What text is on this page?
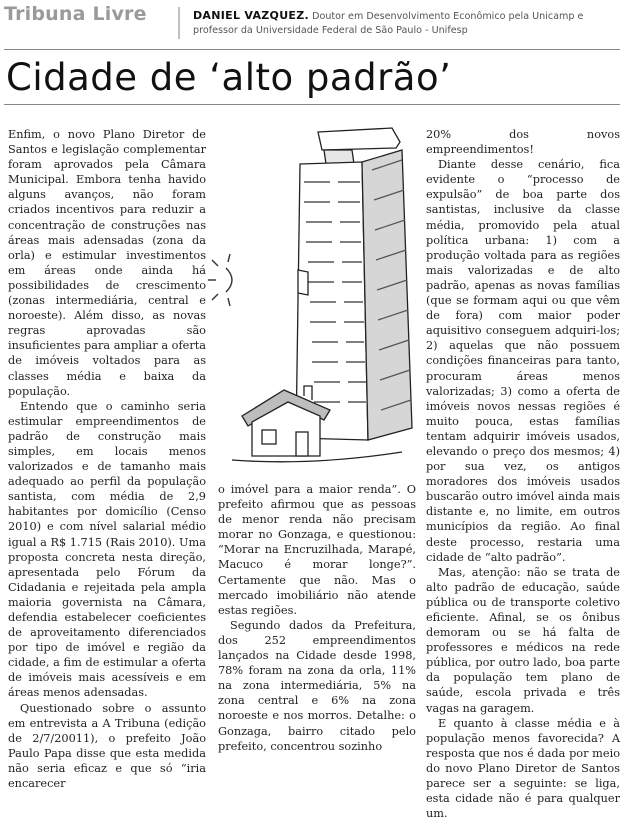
Tribuna Livre	DANIEL VAZQUEZ. Doutor em Desenvolvimento Econômico pela Unicamp e professor da Universidade Federal de São Paulo - Unifesp
Cidade de ‘alto padrão’

Enfim, o novo Plano Diretor de Santos e legislação complementar foram aprovados pela Câmara Municipal. Embora tenha havido alguns avanços, não foram criados incentivos para reduzir a concentração de construções nas áreas mais adensadas (zona da orla) e estimular investimentos em áreas onde ainda há possibilidades de crescimento (zonas intermediária, central e noroeste). Além disso, as novas regras aprovadas são insuficientes para ampliar a oferta de imóveis voltados para as classes média e baixa da população.

Entendo que o caminho seria estimular empreendimentos de padrão de construção mais simples, em locais menos valorizados e de tamanho mais adequado ao perfil da população santista, com média de 2,9 habitantes por domicílio (Censo 2010) e com nível salarial médio igual a R$ 1.715 (Rais 2010). Uma proposta concreta nesta direção, apresentada pelo Fórum da Cidadania e rejeitada pela ampla maioria governista na Câmara, defendia estabelecer coeficientes de aproveitamento diferenciados por tipo de imóvel e região da cidade, a fim de estimular a oferta de imóveis mais acessíveis e em áreas menos adensadas.

Questionado sobre o assunto em entrevista a A Tribuna (edição de 2/7/20011), o prefeito João Paulo Papa disse que esta medida não seria eficaz e que só “iria encarecer

o imóvel para a maior renda”. O prefeito afirmou que as pessoas de menor renda não precisam morar no Gonzaga, e questionou: “Morar na Encruzilhada, Marapé, Macuco é morar longe?”. Certamente que não. Mas o mercado imobiliário não atende estas regiões.

Segundo dados da Prefeitura, dos 252 empreendimentos lançados na Cidade desde 1998, 78% foram na zona da orla, 11% na zona intermediária, 5% na zona central e 6% na zona noroeste e nos morros. Detalhe: o Gonzaga, bairro citado pelo prefeito, concentrou sozinho

20% dos novos empreendimentos!

Diante desse cenário, fica evidente o “processo de expulsão” de boa parte dos santistas, inclusive da classe média, promovido pela atual política urbana: 1) com a produção voltada para as regiões mais valorizadas e de alto padrão, apenas as novas famílias (que se formam aqui ou que vêm de fora) com maior poder aquisitivo conseguem adquiri-los; 2) aquelas que não possuem condições financeiras para tanto, procuram áreas menos valorizadas; 3) como a oferta de imóveis novos nessas regiões é muito pouca, estas famílias tentam adquirir imóveis usados, elevando o preço dos mesmos; 4) por sua vez, os antigos moradores dos imóveis usados buscarão outro imóvel ainda mais distante e, no limite, em outros municípios da região. Ao final deste processo, restaria uma cidade de “alto padrão”.

Mas, atenção: não se trata de alto padrão de educação, saúde pública ou de transporte coletivo eficiente. Afinal, se os ônibus demoram ou se há falta de professores e médicos na rede pública, por outro lado, boa parte da população tem plano de saúde, escola privada e três vagas na garagem.

E quanto à classe média e à população menos favorecida? A resposta que nos é dada por meio do novo Plano Diretor de Santos parece ser a seguinte: se liga, esta cidade não é para qualquer um.
